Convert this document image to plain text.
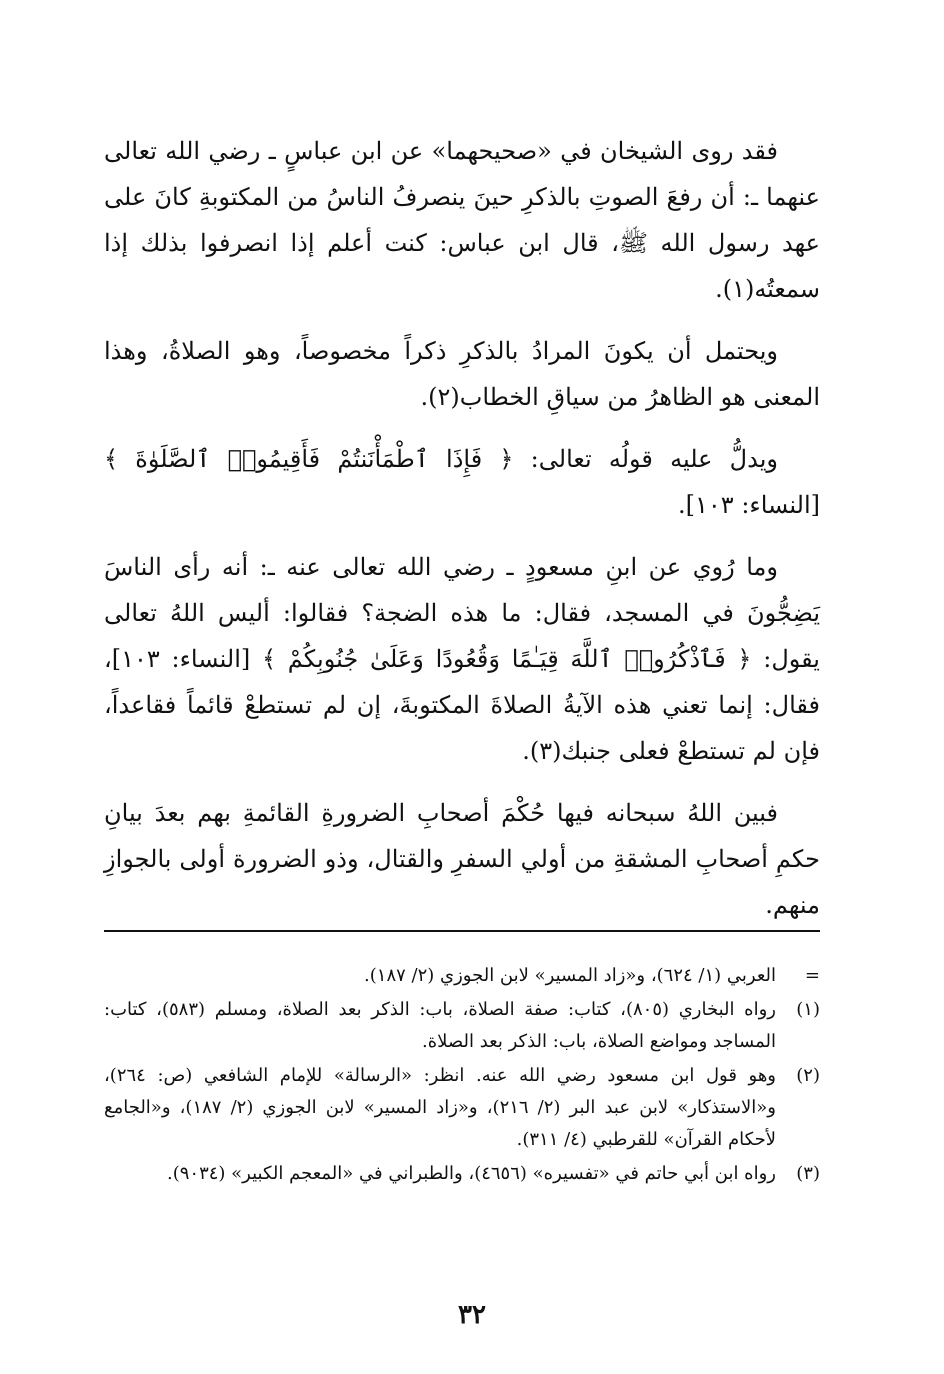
فقد روى الشيخان في «صحيحهما» عن ابن عباسٍ ـ رضي الله تعالى عنهما ـ: أن رفعَ الصوتِ بالذكرِ حينَ ينصرفُ الناسُ من المكتوبةِ كانَ على عهد رسول الله ﷺ، قال ابن عباس: كنت أعلم إذا انصرفوا بذلك إذا سمعتُه(١).

ويحتمل أن يكونَ المرادُ بالذكرِ ذكراً مخصوصاً، وهو الصلاةُ، وهذا المعنى هو الظاهرُ من سياقِ الخطاب(٢).

ويدلُّ عليه قولُه تعالى: ﴿ فَإِذَا ٱطْمَأْنَنتُمْ فَأَقِيمُوا۟ ٱلصَّلَوٰةَ ﴾ [النساء: ١٠٣].

وما رُوي عن ابنِ مسعودٍ ـ رضي الله تعالى عنه ـ: أنه رأى الناسَ يَضِجُّونَ في المسجد، فقال: ما هذه الضجة؟ فقالوا: أليس اللهُ تعالى يقول: ﴿ فَٱذْكُرُوا۟ ٱللَّهَ قِيَـٰمًا وَقُعُودًا وَعَلَىٰ جُنُوبِكُمْ ﴾ [النساء: ١٠٣]، فقال: إنما تعني هذه الآيةُ الصلاةَ المكتوبةَ، إن لم تستطعْ قائماً فقاعداً، فإن لم تستطعْ فعلى جنبك(٣).

فبين اللهُ سبحانه فيها حُكْمَ أصحابِ الضرورةِ القائمةِ بهم بعدَ بيانِ حكمِ أصحابِ المشقةِ من أولي السفرِ والقتال، وذو الضرورة أولى بالجوازِ منهم.

=
العربي (١/ ٦٢٤)، و«زاد المسير» لابن الجوزي (٢/ ١٨٧).
(١)
رواه البخاري (٨٠٥)، كتاب: صفة الصلاة، باب: الذكر بعد الصلاة، ومسلم (٥٨٣)، كتاب: المساجد ومواضع الصلاة، باب: الذكر بعد الصلاة.
(٢)
وهو قول ابن مسعود رضي الله عنه. انظر: «الرسالة» للإمام الشافعي (ص: ٢٦٤)، و«الاستذكار» لابن عبد البر (٢/ ٢١٦)، و«زاد المسير» لابن الجوزي (٢/ ١٨٧)، و«الجامع لأحكام القرآن» للقرطبي (٤/ ٣١١).
(٣)
رواه ابن أبي حاتم في «تفسيره» (٤٦٥٦)، والطبراني في «المعجم الكبير» (٩٠٣٤).
٣٢
